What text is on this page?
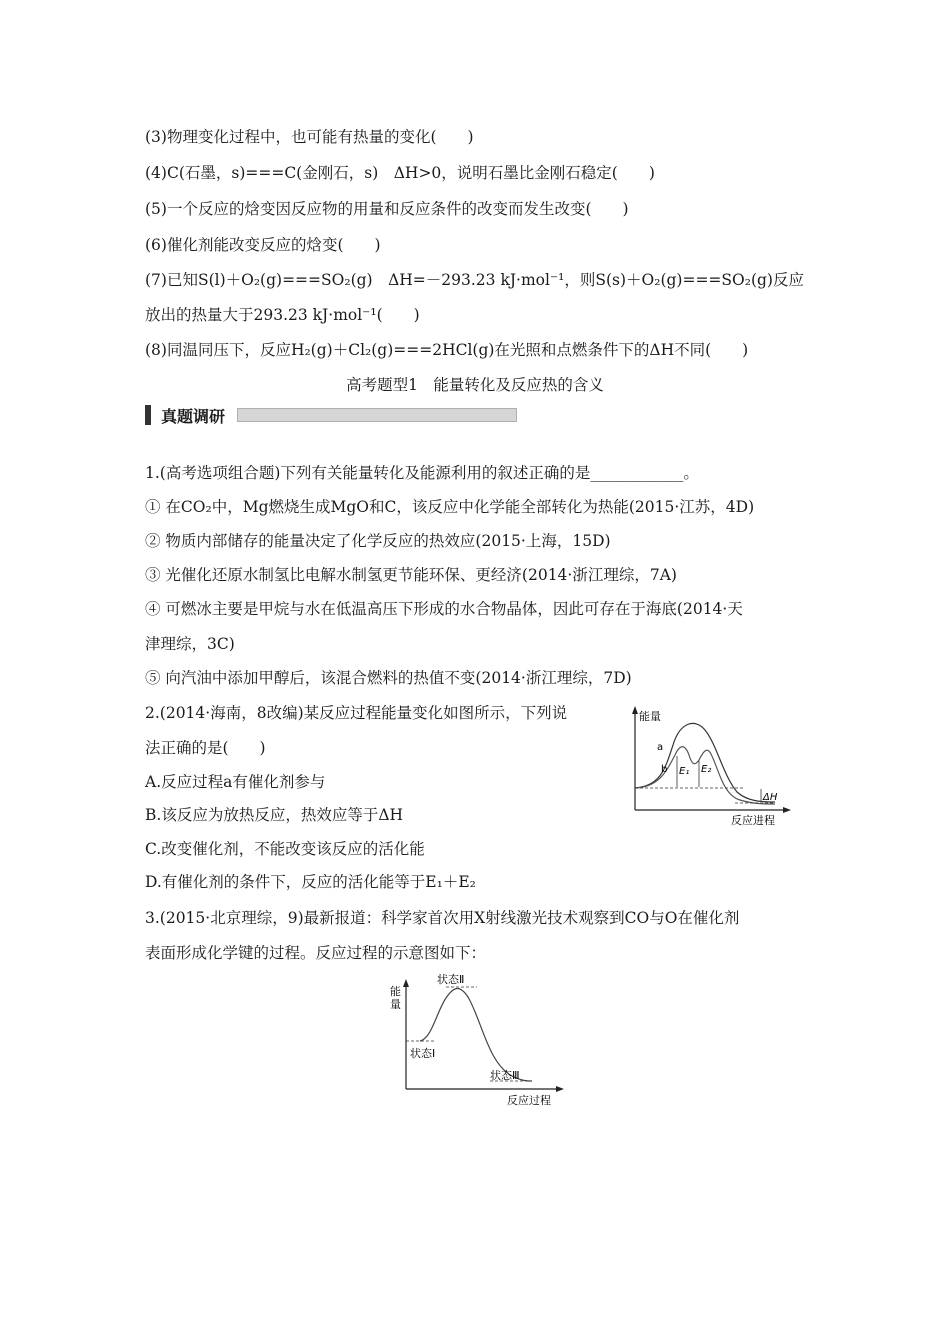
(3)物理变化过程中，也可能有热量的变化(　　)
(4)C(石墨，s)===C(金刚石，s)　ΔH>0，说明石墨比金刚石稳定(　　)
(5)一个反应的焓变因反应物的用量和反应条件的改变而发生改变(　　)
(6)催化剂能改变反应的焓变(　　)
(7)已知S(l)＋O₂(g)===SO₂(g)　ΔH=－293.23 kJ·mol⁻¹，则S(s)＋O₂(g)===SO₂(g)反应
放出的热量大于293.23 kJ·mol⁻¹(　　)
(8)同温同压下，反应H₂(g)＋Cl₂(g)===2HCl(g)在光照和点燃条件下的ΔH不同(　　)
高考题型1　能量转化及反应热的含义
真题调研
1.(高考选项组合题)下列有关能量转化及能源利用的叙述正确的是____________。
① 在CO₂中，Mg燃烧生成MgO和C，该反应中化学能全部转化为热能(2015·江苏，4D)
② 物质内部储存的能量决定了化学反应的热效应(2015·上海，15D)
③ 光催化还原水制氢比电解水制氢更节能环保、更经济(2014·浙江理综，7A)
④ 可燃冰主要是甲烷与水在低温高压下形成的水合物晶体，因此可存在于海底(2014·天
津理综，3C)
⑤ 向汽油中添加甲醇后，该混合燃料的热值不变(2014·浙江理综，7D)
2.(2014·海南，8改编)某反应过程能量变化如图所示，下列说
法正确的是(　　)
A.反应过程a有催化剂参与
B.该反应为放热反应，热效应等于ΔH
C.改变催化剂，不能改变该反应的活化能
D.有催化剂的条件下，反应的活化能等于E₁＋E₂
能量
反应进程
a
b E₁ E₂
ΔH
3.(2015·北京理综，9)最新报道：科学家首次用X射线激光技术观察到CO与O在催化剂
表面形成化学键的过程。反应过程的示意图如下：
能量
反应过程
状态Ⅰ
状态Ⅱ
状态Ⅲ
